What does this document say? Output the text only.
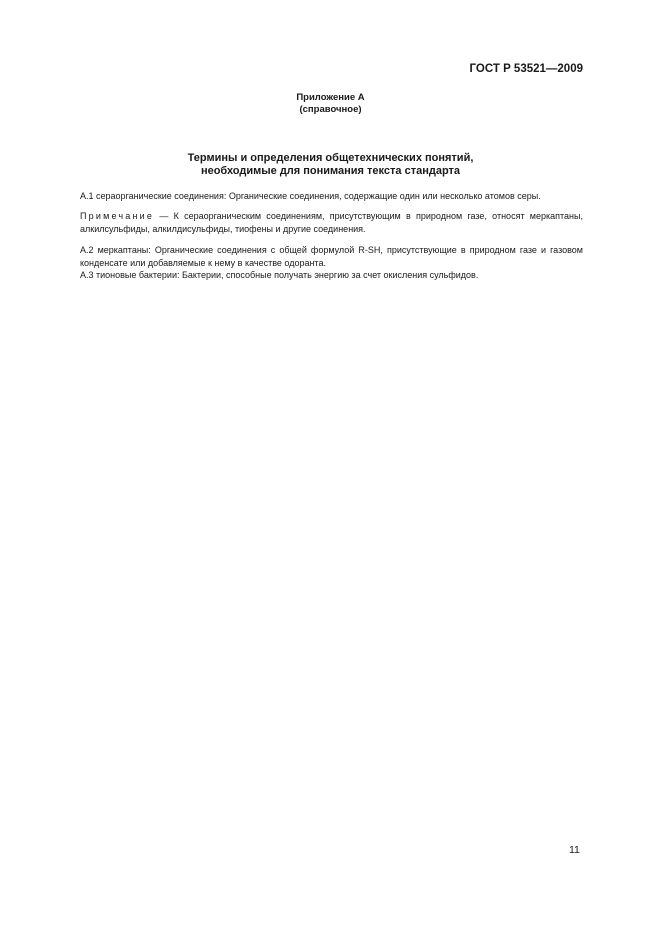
ГОСТ Р 53521—2009
Приложение А
(справочное)
Термины и определения общетехнических понятий,
необходимые для понимания текста стандарта

А.1 сераорганические соединения: Органические соединения, содержащие один или несколько атомов серы.

Примечание — К сераорганическим соединениям, присутствующим в природном газе, относят меркаптаны, алкилсульфиды, алкилдисульфиды, тиофены и другие соединения.

А.2 меркаптаны: Органические соединения с общей формулой R-SH, присутствующие в природном газе и газовом конденсате или добавляемые к нему в качестве одоранта.

А.3 тионовые бактерии: Бактерии, способные получать энергию за счет окисления сульфидов.

11
